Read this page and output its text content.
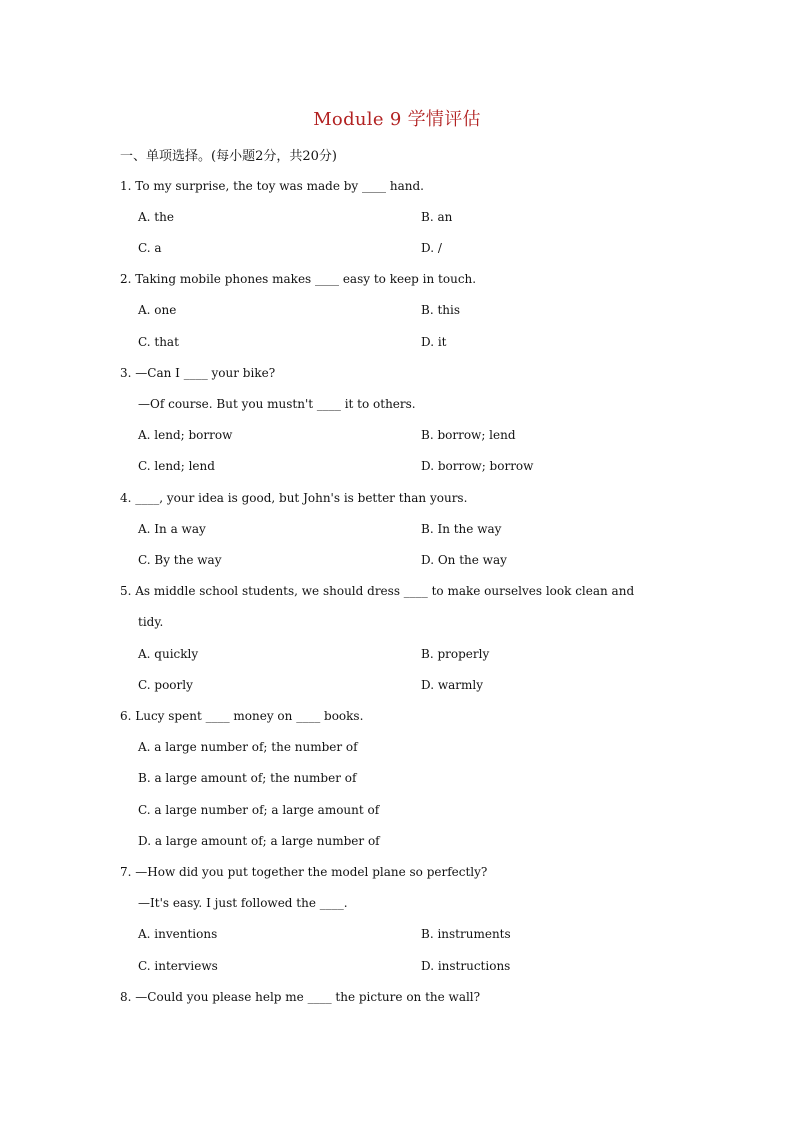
Module 9 学情评估
一、单项选择。(每小题2分，共20分)
1. To my surprise, the toy was made by ____ hand.
A. the	B. an
C. a	D. /
2. Taking mobile phones makes ____ easy to keep in touch.
A. one	B. this
C. that	D. it
3. —Can I ____ your bike?
—Of course. But you mustn't ____ it to others.
A. lend; borrow	B. borrow; lend
C. lend; lend	D. borrow; borrow
4. ____, your idea is good, but John's is better than yours.
A. In a way	B. In the way
C. By the way	D. On the way
5. As middle school students, we should dress ____ to make ourselves look clean and
tidy.
A. quickly	B. properly
C. poorly	D. warmly
6. Lucy spent ____ money on ____ books.
A. a large number of; the number of
B. a large amount of; the number of
C. a large number of; a large amount of
D. a large amount of; a large number of
7. —How did you put together the model plane so perfectly?
—It's easy. I just followed the ____.
A. inventions	B. instruments
C. interviews	D. instructions
8. —Could you please help me ____ the picture on the wall?
